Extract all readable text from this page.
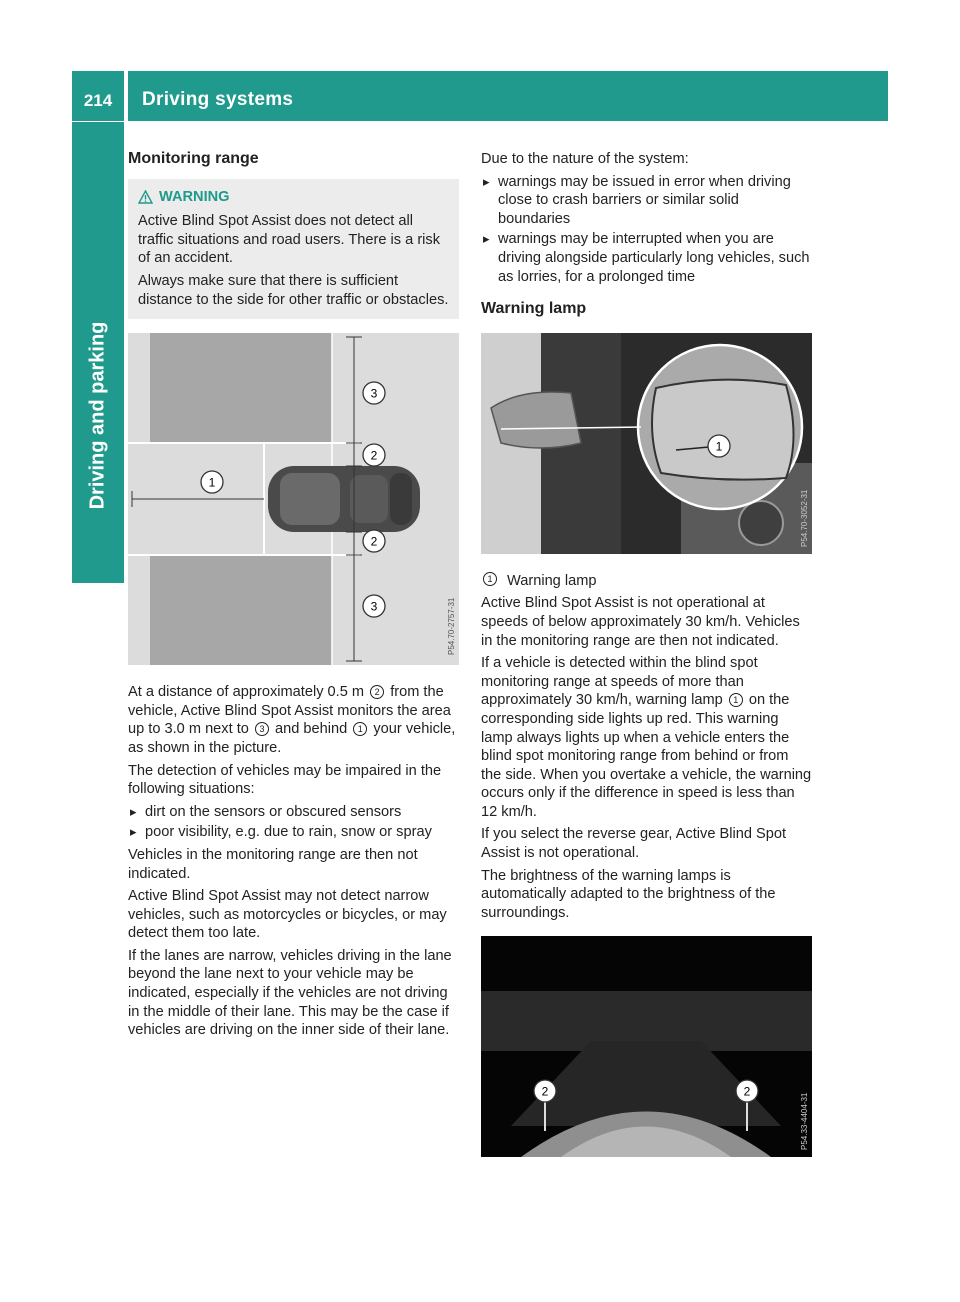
214	Driving systems
Driving and parking
Monitoring range
WARNING

Active Blind Spot Assist does not detect all traffic situations and road users. There is a risk of an accident.

Always make sure that there is sufficient distance to the side for other traffic or obstacles.

1
3
2
2
3	P54.70-2757-31

At a distance of approximately 0.5 m 2 from the vehicle, Active Blind Spot Assist monitors the area up to 3.0 m next to 3 and behind 1 your vehicle, as shown in the picture.

The detection of vehicles may be impaired in the following situations:

▸ dirt on the sensors or obscured sensors
▸ poor visibility, e.g. due to rain, snow or spray

Vehicles in the monitoring range are then not indicated.

Active Blind Spot Assist may not detect narrow vehicles, such as motorcycles or bicycles, or may detect them too late.

If the lanes are narrow, vehicles driving in the lane beyond the lane next to your vehicle may be indicated, especially if the vehicles are not driving in the middle of their lane. This may be the case if vehicles are driving on the inner side of their lane.

Due to the nature of the system:

▸ warnings may be issued in error when driving close to crash barriers or similar solid boundaries
▸ warnings may be interrupted when you are driving alongside particularly long vehicles, such as lorries, for a prolonged time
Warning lamp
1
P54.70-3052-31
1 Warning lamp

Active Blind Spot Assist is not operational at speeds of below approximately 30 km/h. Vehicles in the monitoring range are then not indicated.

If a vehicle is detected within the blind spot monitoring range at speeds of more than approximately 30 km/h, warning lamp 1 on the corresponding side lights up red. This warning lamp always lights up when a vehicle enters the blind spot monitoring range from behind or from the side. When you overtake a vehicle, the warning occurs only if the difference in speed is less than 12 km/h.

If you select the reverse gear, Active Blind Spot Assist is not operational.

The brightness of the warning lamps is automatically adapted to the brightness of the surroundings.

2	2
P54.33-4404-31
